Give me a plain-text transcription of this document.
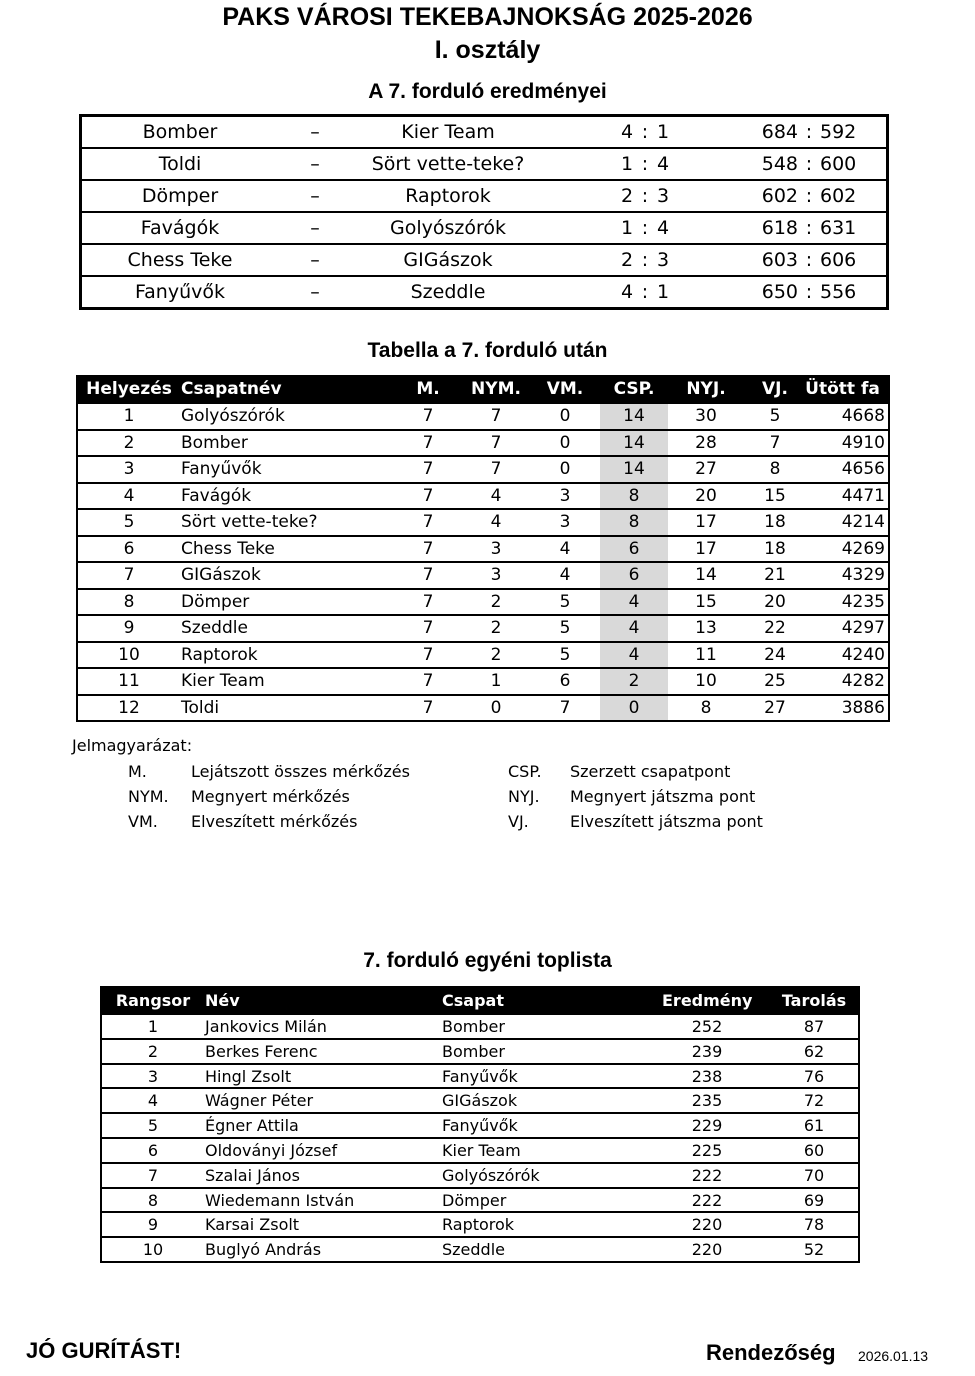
PAKS VÁROSI TEKEBAJNOKSÁG 2025-2026
I. osztály
A 7. forduló eredményei
Bomber	–	Kier Team	4 : 1	684 : 592
Toldi	–	Sört vette-teke?	1 : 4	548 : 600
Dömper	–	Raptorok	2 : 3	602 : 602
Favágók	–	Golyószórók	1 : 4	618 : 631
Chess Teke	–	GIGászok	2 : 3	603 : 606
Fanyűvők	–	Szeddle	4 : 1	650 : 556
Tabella a 7. forduló után
Helyezés Csapatnév	M.	NYM.	VM.	CSP.	NYJ.	VJ.	Ütött fa
1	Golyószórók	7	7	0	14	30	5	4668
2	Bomber	7	7	0	14	28	7	4910
3	Fanyűvők	7	7	0	14	27	8	4656
4	Favágók	7	4	3	8	20	15	4471
5	Sört vette-teke?	7	4	3	8	17	18	4214
6	Chess Teke	7	3	4	6	17	18	4269
7	GIGászok	7	3	4	6	14	21	4329
8	Dömper	7	2	5	4	15	20	4235
9	Szeddle	7	2	5	4	13	22	4297
10	Raptorok	7	2	5	4	11	24	4240
11	Kier Team	7	1	6	2	10	25	4282
12	Toldi	7	0	7	0	8	27	3886
Jelmagyarázat:
M.	Lejátszott összes mérkőzés
NYM. Megnyert mérkőzés
VM. Elveszített mérkőzés
CSP. Szerzett csapatpont
NYJ. Megnyert játszma pont
VJ.	Elveszített játszma pont
7. forduló egyéni toplista
Rangsor Név	Csapat	Eredmény	Tarolás
1	Jankovics Milán	Bomber	252	87
2	Berkes Ferenc	Bomber	239	62
3	Hingl Zsolt	Fanyűvők	238	76
4	Wágner Péter	GIGászok	235	72
5	Égner Attila	Fanyűvők	229	61
6	Oldoványi József	Kier Team	225	60
7	Szalai János	Golyószórók	222	70
8	Wiedemann István	Dömper	222	69
9	Karsai Zsolt	Raptorok	220	78
10	Buglyó András	Szeddle	220	52
JÓ GURÍTÁST!	Rendezőség 2026.01.13
